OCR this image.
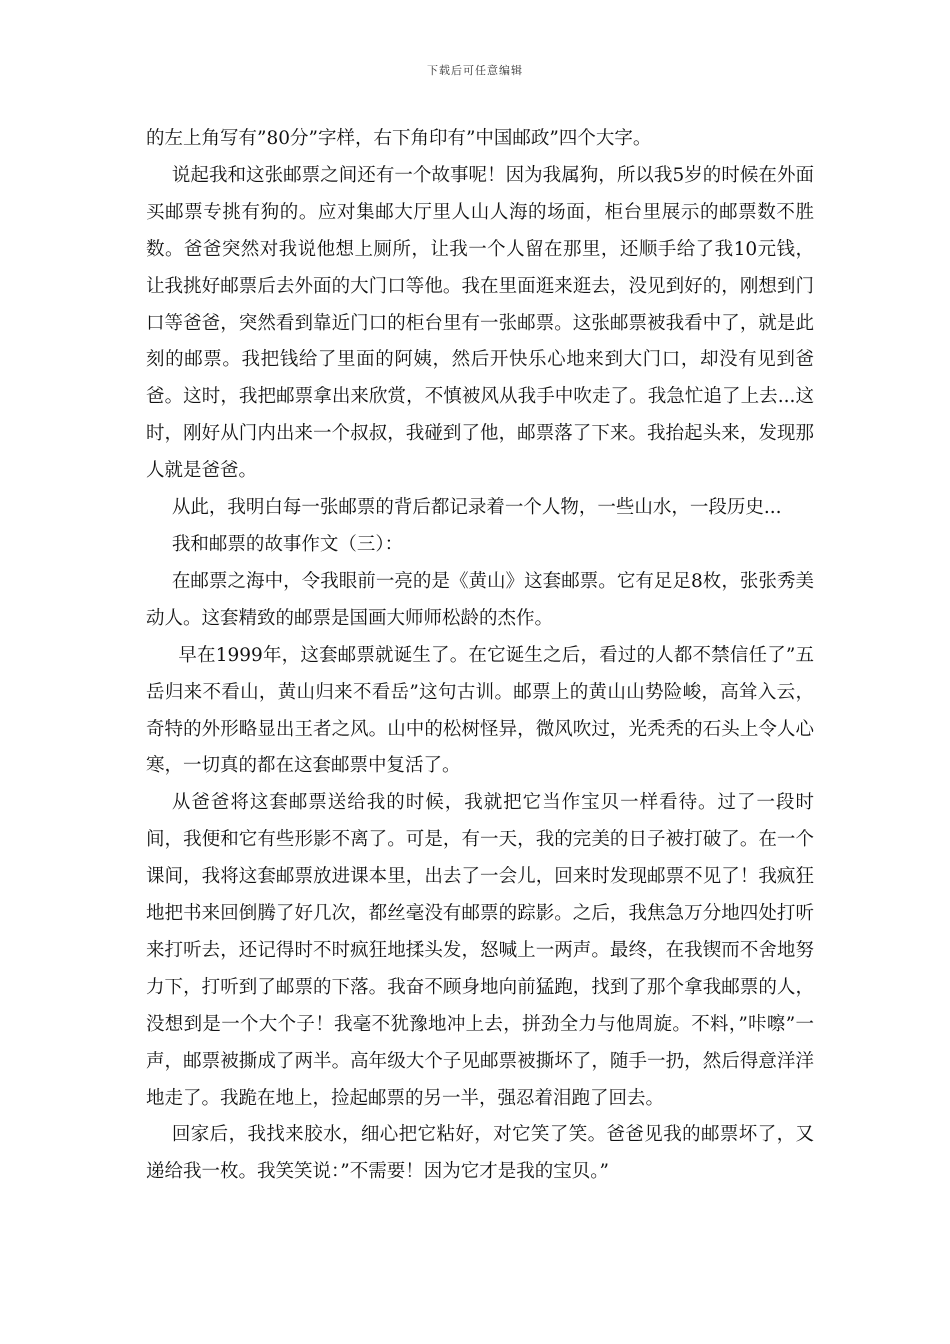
下载后可任意编辑

的左上角写有”80分”字样，右下角印有”中国邮政”四个大字。

说起我和这张邮票之间还有一个故事呢！因为我属狗，所以我5岁的时候在外面买邮票专挑有狗的。应对集邮大厅里人山人海的场面，柜台里展示的邮票数不胜数。爸爸突然对我说他想上厕所，让我一个人留在那里，还顺手给了我10元钱，让我挑好邮票后去外面的大门口等他。我在里面逛来逛去，没见到好的，刚想到门口等爸爸，突然看到靠近门口的柜台里有一张邮票。这张邮票被我看中了，就是此刻的邮票。我把钱给了里面的阿姨，然后开快乐心地来到大门口，却没有见到爸爸。这时，我把邮票拿出来欣赏，不慎被风从我手中吹走了。我急忙追了上去...这时，刚好从门内出来一个叔叔，我碰到了他，邮票落了下来。我抬起头来，发现那人就是爸爸。

从此，我明白每一张邮票的背后都记录着一个人物，一些山水，一段历史...

我和邮票的故事作文（三）：

在邮票之海中，令我眼前一亮的是《黄山》这套邮票。它有足足8枚，张张秀美动人。这套精致的邮票是国画大师师松龄的杰作。

早在1999年，这套邮票就诞生了。在它诞生之后，看过的人都不禁信任了”五岳归来不看山，黄山归来不看岳”这句古训。邮票上的黄山山势险峻，高耸入云，奇特的外形略显出王者之风。山中的松树怪异，微风吹过，光秃秃的石头上令人心寒，一切真的都在这套邮票中复活了。

从爸爸将这套邮票送给我的时候，我就把它当作宝贝一样看待。过了一段时间，我便和它有些形影不离了。可是，有一天，我的完美的日子被打破了。在一个课间，我将这套邮票放进课本里，出去了一会儿，回来时发现邮票不见了！我疯狂地把书来回倒腾了好几次，都丝毫没有邮票的踪影。之后，我焦急万分地四处打听来打听去，还记得时不时疯狂地揉头发，怒喊上一两声。最终，在我锲而不舍地努力下，打听到了邮票的下落。我奋不顾身地向前猛跑，找到了那个拿我邮票的人，没想到是一个大个子！我毫不犹豫地冲上去，拼劲全力与他周旋。不料，”咔嚓”一声，邮票被撕成了两半。高年级大个子见邮票被撕坏了，随手一扔，然后得意洋洋地走了。我跪在地上，捡起邮票的另一半，强忍着泪跑了回去。

回家后，我找来胶水，细心把它粘好，对它笑了笑。爸爸见我的邮票坏了，又递给我一枚。我笑笑说：”不需要！因为它才是我的宝贝。”
